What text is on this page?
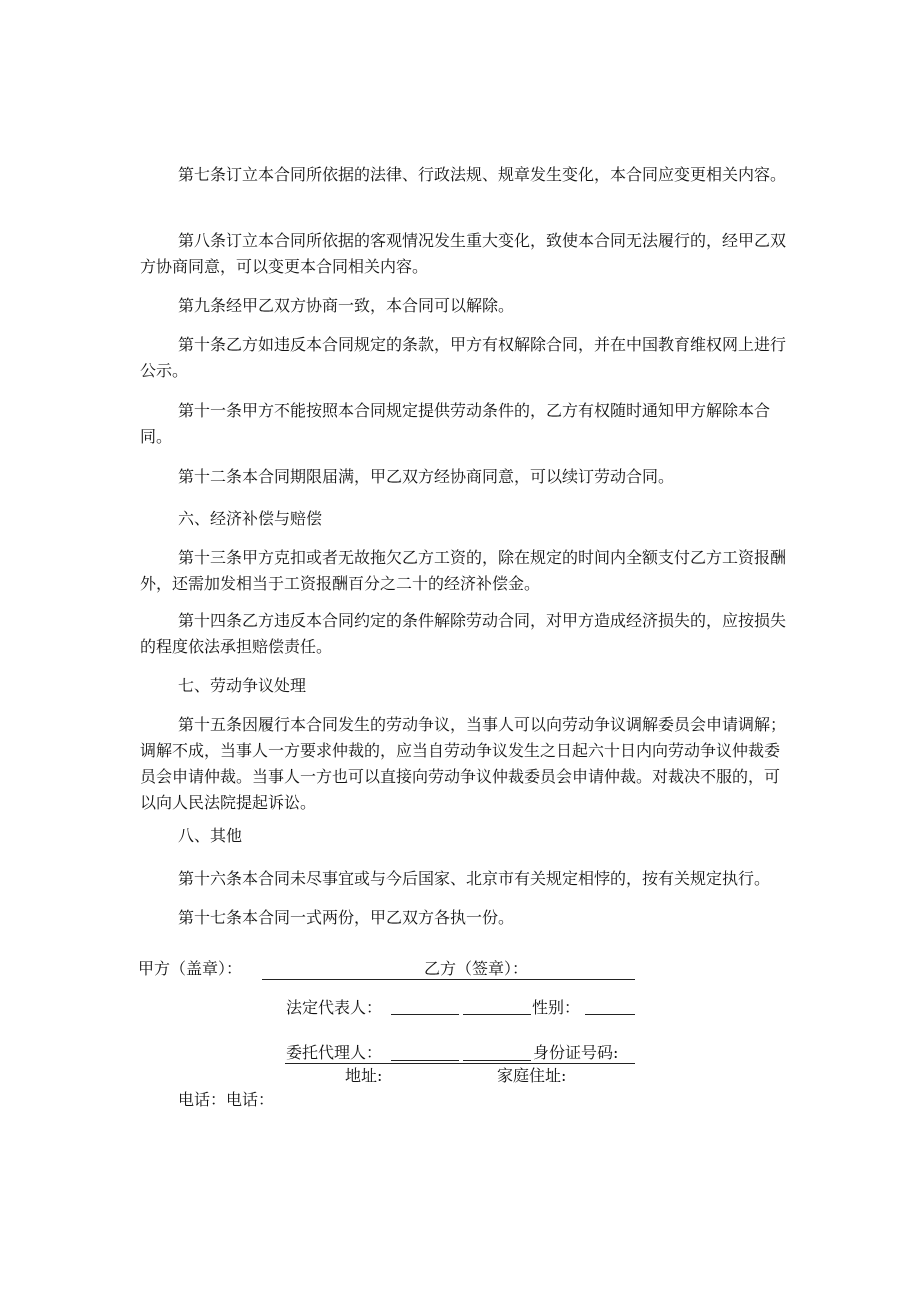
第七条订立本合同所依据的法律、行政法规、规章发生变化，本合同应变更相关内容。

第八条订立本合同所依据的客观情况发生重大变化，致使本合同无法履行的，经甲乙双方协商同意，可以变更本合同相关内容。

第九条经甲乙双方协商一致，本合同可以解除。

第十条乙方如违反本合同规定的条款，甲方有权解除合同，并在中国教育维权网上进行公示。

第十一条甲方不能按照本合同规定提供劳动条件的，乙方有权随时通知甲方解除本合同。

第十二条本合同期限届满，甲乙双方经协商同意，可以续订劳动合同。

六、经济补偿与赔偿

第十三条甲方克扣或者无故拖欠乙方工资的，除在规定的时间内全额支付乙方工资报酬外，还需加发相当于工资报酬百分之二十的经济补偿金。

第十四条乙方违反本合同约定的条件解除劳动合同，对甲方造成经济损失的，应按损失的程度依法承担赔偿责任。

七、劳动争议处理

第十五条因履行本合同发生的劳动争议，当事人可以向劳动争议调解委员会申请调解；调解不成，当事人一方要求仲裁的，应当自劳动争议发生之日起六十日内向劳动争议仲裁委员会申请仲裁。当事人一方也可以直接向劳动争议仲裁委员会申请仲裁。对裁决不服的，可以向人民法院提起诉讼。

八、其他

第十六条本合同未尽事宜或与今后国家、北京市有关规定相悖的，按有关规定执行。

第十七条本合同一式两份，甲乙双方各执一份。

甲方（盖章）：	乙方（签章）：
法定代表人：	性别：
委托代理人：	身份证号码:
地址:	家庭住址:
电话：电话：
